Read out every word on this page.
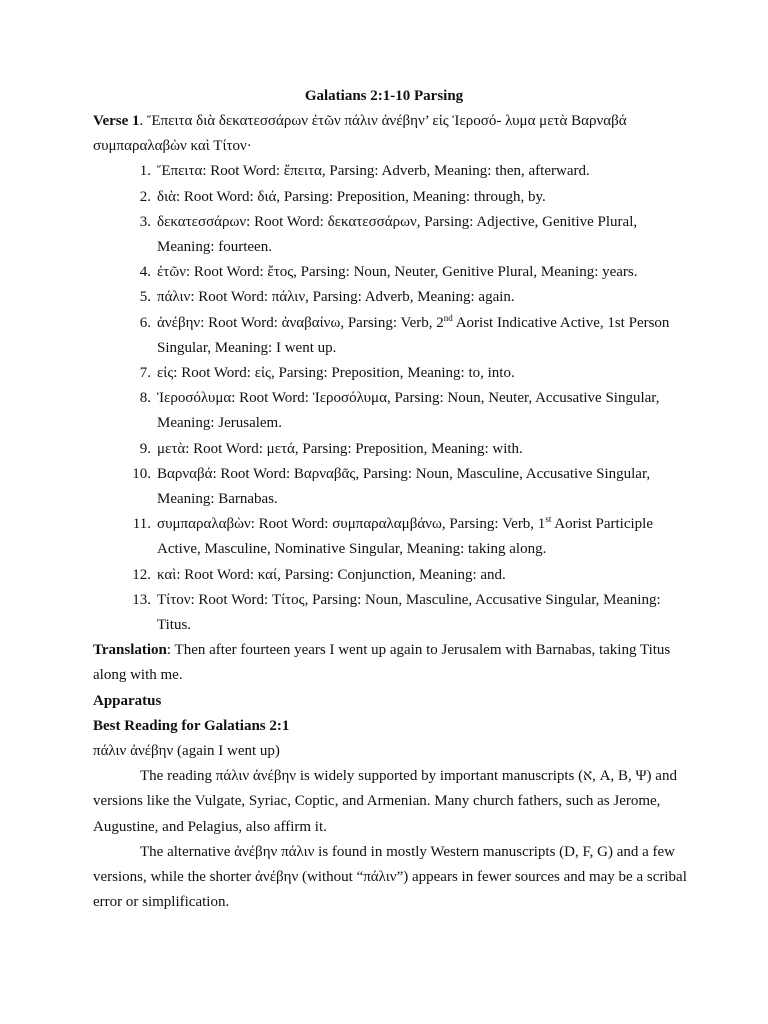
Galatians 2:1-10 Parsing

Verse 1. Ἔπειτα διὰ δεκατεσσάρων ἐτῶν πάλιν ἀνέβην’ εἰς Ἱεροσό- λυμα μετὰ Βαρναβά συμπαραλαβὼν καὶ Τίτον·

1. Ἔπειτα: Root Word: ἔπειτα, Parsing: Adverb, Meaning: then, afterward.
2. διὰ: Root Word: διά, Parsing: Preposition, Meaning: through, by.
3. δεκατεσσάρων: Root Word: δεκατεσσάρων, Parsing: Adjective, Genitive Plural, Meaning: fourteen.
4. ἐτῶν: Root Word: ἔτος, Parsing: Noun, Neuter, Genitive Plural, Meaning: years.
5. πάλιν: Root Word: πάλιν, Parsing: Adverb, Meaning: again.
6. ἀνέβην: Root Word: ἀναβαίνω, Parsing: Verb, 2nd Aorist Indicative Active, 1st Person Singular, Meaning: I went up.
7. εἰς: Root Word: εἰς, Parsing: Preposition, Meaning: to, into.
8. Ἱεροσόλυμα: Root Word: Ἱεροσόλυμα, Parsing: Noun, Neuter, Accusative Singular, Meaning: Jerusalem.
9. μετὰ: Root Word: μετά, Parsing: Preposition, Meaning: with.
10. Βαρναβά: Root Word: Βαρναβᾶς, Parsing: Noun, Masculine, Accusative Singular, Meaning: Barnabas.
11. συμπαραλαβὼν: Root Word: συμπαραλαμβάνω, Parsing: Verb, 1st Aorist Participle Active, Masculine, Nominative Singular, Meaning: taking along.
12. καὶ: Root Word: καί, Parsing: Conjunction, Meaning: and.
13. Τίτον: Root Word: Τίτος, Parsing: Noun, Masculine, Accusative Singular, Meaning: Titus.

Translation: Then after fourteen years I went up again to Jerusalem with Barnabas, taking Titus along with me.

Apparatus

Best Reading for Galatians 2:1

πάλιν ἀνέβην (again I went up)

The reading πάλιν ἀνέβην is widely supported by important manuscripts (א, A, B, Ψ) and versions like the Vulgate, Syriac, Coptic, and Armenian. Many church fathers, such as Jerome, Augustine, and Pelagius, also affirm it.

The alternative ἀνέβην πάλιν is found in mostly Western manuscripts (D, F, G) and a few versions, while the shorter ἀνέβην (without “πάλιν”) appears in fewer sources and may be a scribal error or simplification.
